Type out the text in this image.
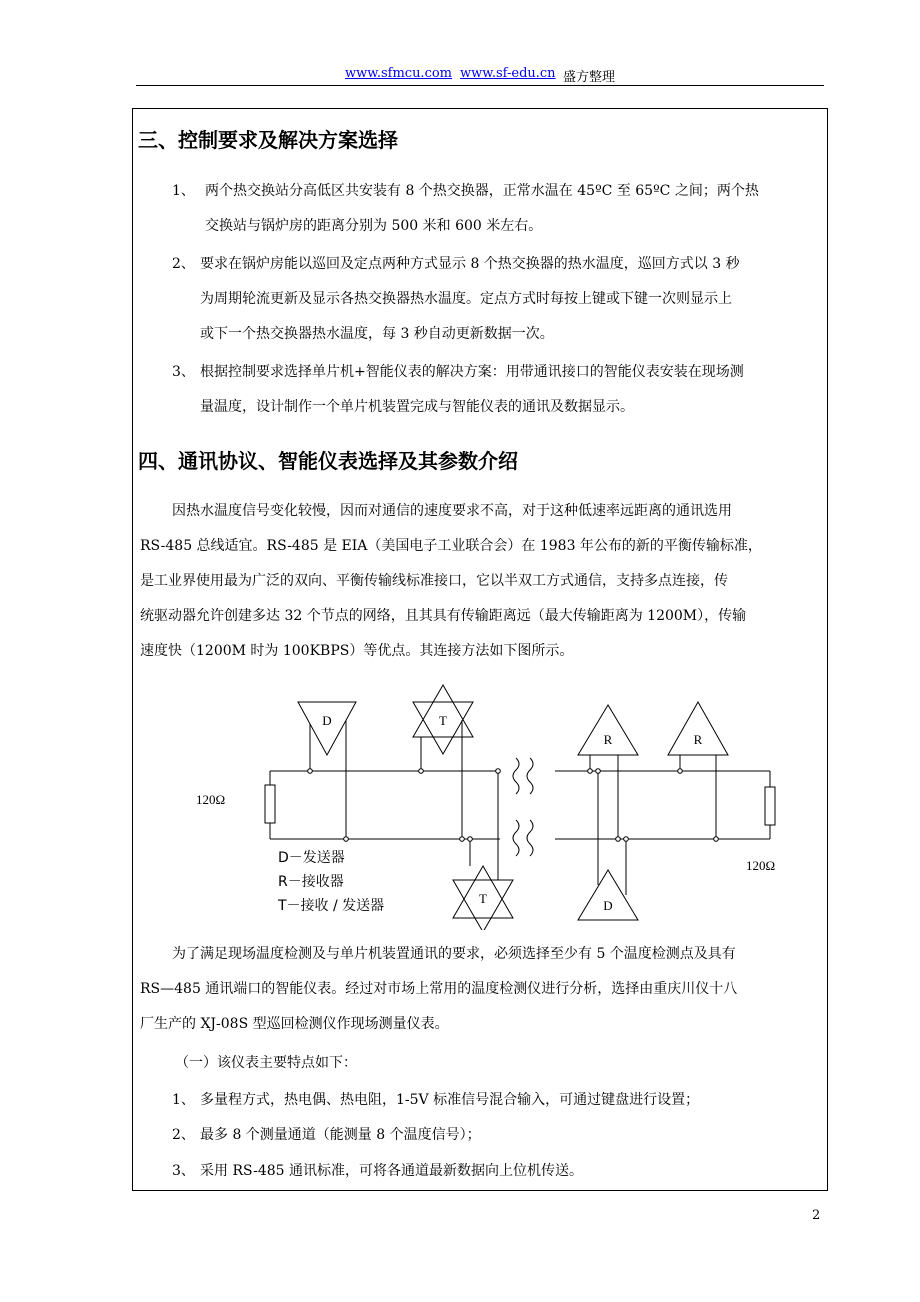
www.sfmcu.com www.sf-edu.cn 盛方整理
三、控制要求及解决方案选择
1、 两个热交换站分高低区共安装有 8 个热交换器，正常水温在 45ºC 至 65ºC 之间；两个热
交换站与锅炉房的距离分别为 500 米和 600 米左右。
2、 要求在锅炉房能以巡回及定点两种方式显示 8 个热交换器的热水温度，巡回方式以 3 秒
为周期轮流更新及显示各热交换器热水温度。定点方式时每按上键或下键一次则显示上
或下一个热交换器热水温度，每 3 秒自动更新数据一次。
3、 根据控制要求选择单片机+智能仪表的解决方案：用带通讯接口的智能仪表安装在现场测
量温度，设计制作一个单片机装置完成与智能仪表的通讯及数据显示。
四、通讯协议、智能仪表选择及其参数介绍
因热水温度信号变化较慢，因而对通信的速度要求不高，对于这种低速率远距离的通讯选用
RS-485 总线适宜。RS-485 是 EIA（美国电子工业联合会）在 1983 年公布的新的平衡传输标准，
是工业界使用最为广泛的双向、平衡传输线标准接口，它以半双工方式通信，支持多点连接，传
统驱动器允许创建多达 32 个节点的网络，且其具有传输距离远（最大传输距离为 1200M），传输
速度快（1200M 时为 100KBPS）等优点。其连接方法如下图所示。
D	T
T
R	R
D
120Ω
120Ω
D－发送器
R－接收器
T－接收 / 发送器
为了满足现场温度检测及与单片机装置通讯的要求，必须选择至少有 5 个温度检测点及具有
RS—485 通讯端口的智能仪表。经过对市场上常用的温度检测仪进行分析，选择由重庆川仪十八
厂生产的 XJ-08S 型巡回检测仪作现场测量仪表。
（一）该仪表主要特点如下：
1、 多量程方式，热电偶、热电阻，1-5V 标准信号混合输入，可通过键盘进行设置；
2、 最多 8 个测量通道（能测量 8 个温度信号）；
3、 采用 RS-485 通讯标准，可将各通道最新数据向上位机传送。
2
